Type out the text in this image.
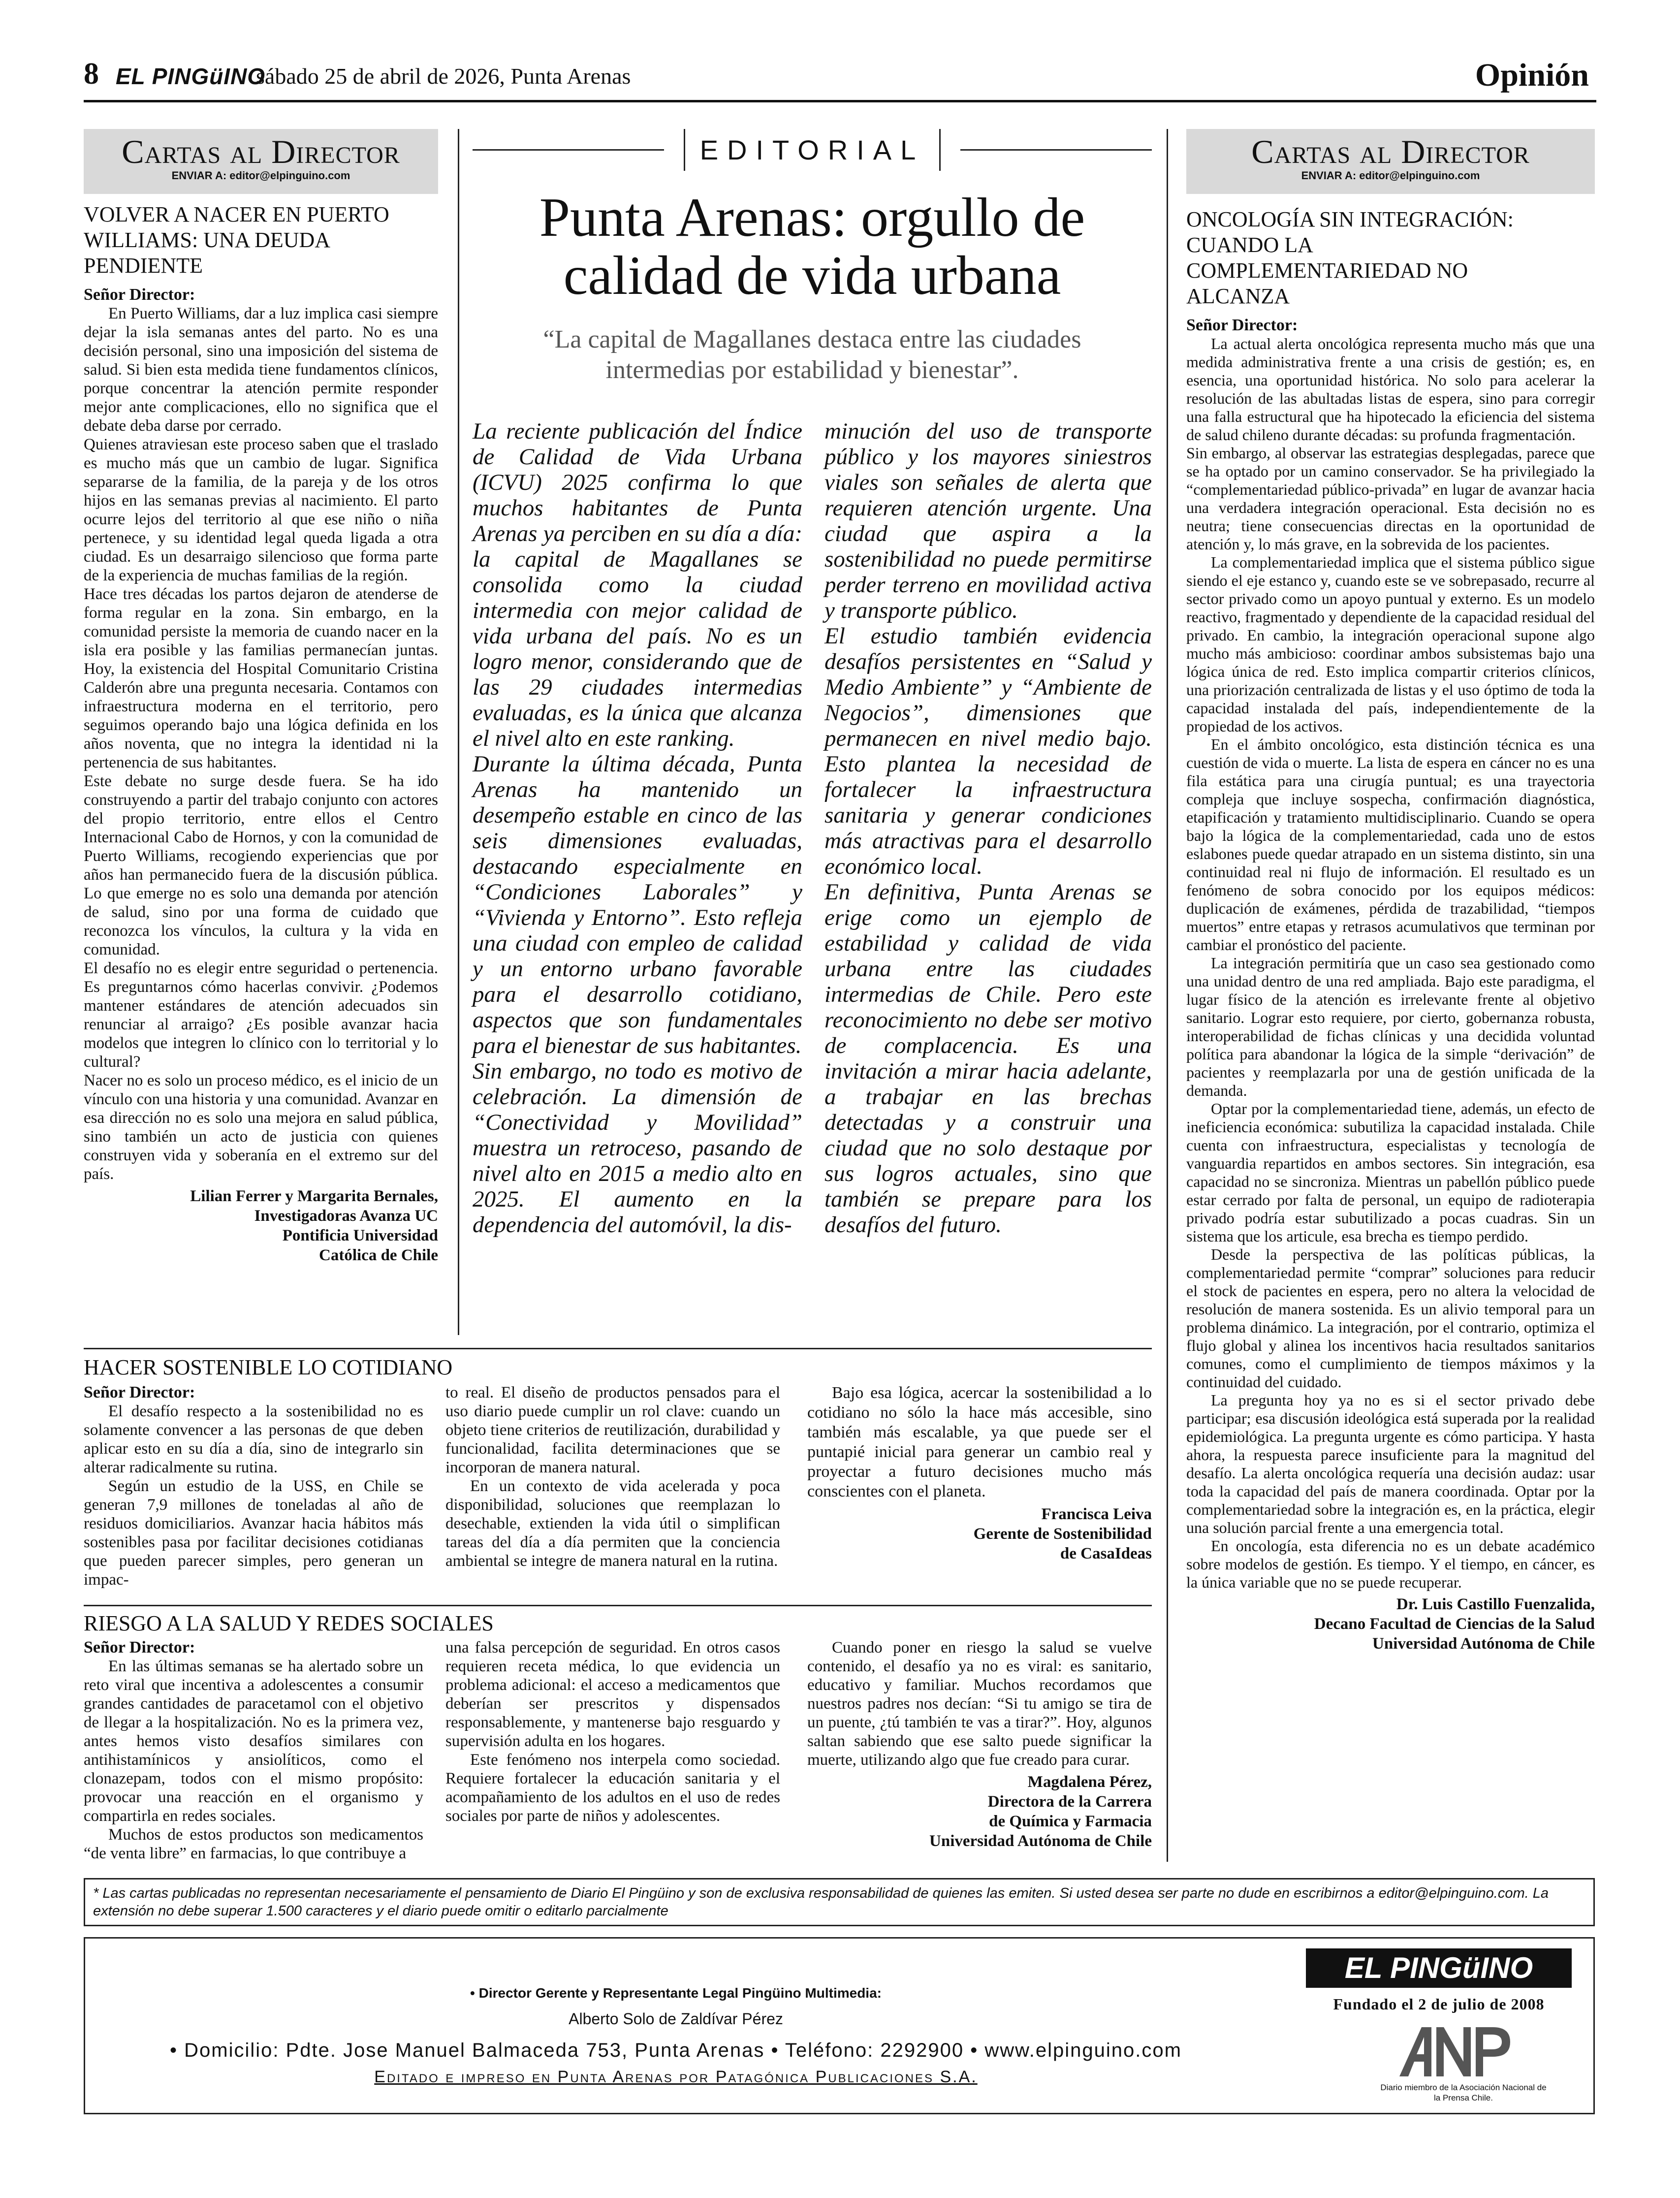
8 EL PINGüINO
sábado 25 de abril de 2026, Punta Arenas	Opinión
Cartas al Director
ENVIAR A: editor@elpinguino.com
VOLVER A NACER EN PUERTO WILLIAMS: UNA DEUDA PENDIENTE
Señor Director:

En Puerto Williams, dar a luz implica casi siempre dejar la isla semanas antes del parto. No es una decisión personal, sino una imposición del sistema de salud. Si bien esta medida tiene fundamentos clínicos, porque concentrar la atención permite responder mejor ante complicaciones, ello no significa que el debate deba darse por cerrado.

Quienes atraviesan este proceso saben que el traslado es mucho más que un cambio de lugar. Significa separarse de la familia, de la pareja y de los otros hijos en las semanas previas al nacimiento. El parto ocurre lejos del territorio al que ese niño o niña pertenece, y su identidad legal queda ligada a otra ciudad. Es un desarraigo silencioso que forma parte de la experiencia de muchas familias de la región.

Hace tres décadas los partos dejaron de atenderse de forma regular en la zona. Sin embargo, en la comunidad persiste la memoria de cuando nacer en la isla era posible y las familias permanecían juntas. Hoy, la existencia del Hospital Comunitario Cristina Calderón abre una pregunta necesaria. Contamos con infraestructura moderna en el territorio, pero seguimos operando bajo una lógica definida en los años noventa, que no integra la identidad ni la pertenencia de sus habitantes.

Este debate no surge desde fuera. Se ha ido construyendo a partir del trabajo conjunto con actores del propio territorio, entre ellos el Centro Internacional Cabo de Hornos, y con la comunidad de Puerto Williams, recogiendo experiencias que por años han permanecido fuera de la discusión pública. Lo que emerge no es solo una demanda por atención de salud, sino por una forma de cuidado que reconozca los vínculos, la cultura y la vida en comunidad.

El desafío no es elegir entre seguridad o pertenencia. Es preguntarnos cómo hacerlas convivir. ¿Podemos mantener estándares de atención adecuados sin renunciar al arraigo? ¿Es posible avanzar hacia modelos que integren lo clínico con lo territorial y lo cultural?

Nacer no es solo un proceso médico, es el inicio de un vínculo con una historia y una comunidad. Avanzar en esa dirección no es solo una mejora en salud pública, sino también un acto de justicia con quienes construyen vida y soberanía en el extremo sur del país.

Lilian Ferrer y Margarita Bernales,
Investigadoras Avanza UC
Pontificia Universidad
Católica de Chile
EDITORIAL
Punta Arenas: orgullo de calidad de vida urbana
“La capital de Magallanes destaca entre las ciudades intermedias por estabilidad y bienestar”.

La reciente publicación del Índice de Calidad de Vida Urbana (ICVU) 2025 confirma lo que muchos habitantes de Punta Arenas ya perciben en su día a día: la capital de Magallanes se consolida como la ciudad intermedia con mejor calidad de vida urbana del país. No es un logro menor, considerando que de las 29 ciudades intermedias evaluadas, es la única que alcanza el nivel alto en este ranking.

Durante la última década, Punta Arenas ha mantenido un desempeño estable en cinco de las seis dimensiones evaluadas, destacando especialmente en “Condiciones Laborales” y “Vivienda y Entorno”. Esto refleja una ciudad con empleo de calidad y un entorno urbano favorable para el desarrollo cotidiano, aspectos que son fundamentales para el bienestar de sus habitantes.

Sin embargo, no todo es motivo de celebración. La dimensión de “Conectividad y Movilidad” muestra un retroceso, pasando de nivel alto en 2015 a medio alto en 2025. El aumento en la dependencia del automóvil, la dis-

minución del uso de transporte público y los mayores siniestros viales son señales de alerta que requieren atención urgente. Una ciudad que aspira a la sostenibilidad no puede permitirse perder terreno en movilidad activa y transporte público.

El estudio también evidencia desafíos persistentes en “Salud y Medio Ambiente” y “Ambiente de Negocios”, dimensiones que permanecen en nivel medio bajo. Esto plantea la necesidad de fortalecer la infraestructura sanitaria y generar condiciones más atractivas para el desarrollo económico local.

En definitiva, Punta Arenas se erige como un ejemplo de estabilidad y calidad de vida urbana entre las ciudades intermedias de Chile. Pero este reconocimiento no debe ser motivo de complacencia. Es una invitación a mirar hacia adelante, a trabajar en las brechas detectadas y a construir una ciudad que no solo destaque por sus logros actuales, sino que también se prepare para los desafíos del futuro.

HACER SOSTENIBLE LO COTIDIANO
Señor Director:

El desafío respecto a la sostenibilidad no es solamente convencer a las personas de que deben aplicar esto en su día a día, sino de integrarlo sin alterar radicalmente su rutina.

Según un estudio de la USS, en Chile se generan 7,9 millones de toneladas al año de residuos domiciliarios. Avanzar hacia hábitos más sostenibles pasa por facilitar decisiones cotidianas que pueden parecer simples, pero generan un impac-

to real. El diseño de productos pensados para el uso diario puede cumplir un rol clave: cuando un objeto tiene criterios de reutilización, durabilidad y funcionalidad, facilita determinaciones que se incorporan de manera natural.

En un contexto de vida acelerada y poca disponibilidad, soluciones que reemplazan lo desechable, extienden la vida útil o simplifican tareas del día a día permiten que la conciencia ambiental se integre de manera natural en la rutina.

Bajo esa lógica, acercar la sostenibilidad a lo cotidiano no sólo la hace más accesible, sino también más escalable, ya que puede ser el puntapié inicial para generar un cambio real y proyectar a futuro decisiones mucho más conscientes con el planeta.

Francisca Leiva
Gerente de Sostenibilidad
de CasaIdeas
RIESGO A LA SALUD Y REDES SOCIALES
Señor Director:

En las últimas semanas se ha alertado sobre un reto viral que incentiva a adolescentes a consumir grandes cantidades de paracetamol con el objetivo de llegar a la hospitalización. No es la primera vez, antes hemos visto desafíos similares con antihistamínicos y ansiolíticos, como el clonazepam, todos con el mismo propósito: provocar una reacción en el organismo y compartirla en redes sociales.

Muchos de estos productos son medicamentos “de venta libre” en farmacias, lo que contribuye a

una falsa percepción de seguridad. En otros casos requieren receta médica, lo que evidencia un problema adicional: el acceso a medicamentos que deberían ser prescritos y dispensados responsablemente, y mantenerse bajo resguardo y supervisión adulta en los hogares.

Este fenómeno nos interpela como sociedad. Requiere fortalecer la educación sanitaria y el acompañamiento de los adultos en el uso de redes sociales por parte de niños y adolescentes.

Cuando poner en riesgo la salud se vuelve contenido, el desafío ya no es viral: es sanitario, educativo y familiar. Muchos recordamos que nuestros padres nos decían: “Si tu amigo se tira de un puente, ¿tú también te vas a tirar?”. Hoy, algunos saltan sabiendo que ese salto puede significar la muerte, utilizando algo que fue creado para curar.

Magdalena Pérez,
Directora de la Carrera
de Química y Farmacia
Universidad Autónoma de Chile
Cartas al Director
ENVIAR A: editor@elpinguino.com
ONCOLOGÍA SIN INTEGRACIÓN: CUANDO LA COMPLEMENTARIEDAD NO ALCANZA
Señor Director:

La actual alerta oncológica representa mucho más que una medida administrativa frente a una crisis de gestión; es, en esencia, una oportunidad histórica. No solo para acelerar la resolución de las abultadas listas de espera, sino para corregir una falla estructural que ha hipotecado la eficiencia del sistema de salud chileno durante décadas: su profunda fragmentación.

Sin embargo, al observar las estrategias desplegadas, parece que se ha optado por un camino conservador. Se ha privilegiado la “complementariedad público-privada” en lugar de avanzar hacia una verdadera integración operacional. Esta decisión no es neutra; tiene consecuencias directas en la oportunidad de atención y, lo más grave, en la sobrevida de los pacientes.

La complementariedad implica que el sistema público sigue siendo el eje estanco y, cuando este se ve sobrepasado, recurre al sector privado como un apoyo puntual y externo. Es un modelo reactivo, fragmentado y dependiente de la capacidad residual del privado. En cambio, la integración operacional supone algo mucho más ambicioso: coordinar ambos subsistemas bajo una lógica única de red. Esto implica compartir criterios clínicos, una priorización centralizada de listas y el uso óptimo de toda la capacidad instalada del país, independientemente de la propiedad de los activos.

En el ámbito oncológico, esta distinción técnica es una cuestión de vida o muerte. La lista de espera en cáncer no es una fila estática para una cirugía puntual; es una trayectoria compleja que incluye sospecha, confirmación diagnóstica, etapificación y tratamiento multidisciplinario. Cuando se opera bajo la lógica de la complementariedad, cada uno de estos eslabones puede quedar atrapado en un sistema distinto, sin una continuidad real ni flujo de información. El resultado es un fenómeno de sobra conocido por los equipos médicos: duplicación de exámenes, pérdida de trazabilidad, “tiempos muertos” entre etapas y retrasos acumulativos que terminan por cambiar el pronóstico del paciente.

La integración permitiría que un caso sea gestionado como una unidad dentro de una red ampliada. Bajo este paradigma, el lugar físico de la atención es irrelevante frente al objetivo sanitario. Lograr esto requiere, por cierto, gobernanza robusta, interoperabilidad de fichas clínicas y una decidida voluntad política para abandonar la lógica de la simple “derivación” de pacientes y reemplazarla por una de gestión unificada de la demanda.

Optar por la complementariedad tiene, además, un efecto de ineficiencia económica: subutiliza la capacidad instalada. Chile cuenta con infraestructura, especialistas y tecnología de vanguardia repartidos en ambos sectores. Sin integración, esa capacidad no se sincroniza. Mientras un pabellón público puede estar cerrado por falta de personal, un equipo de radioterapia privado podría estar subutilizado a pocas cuadras. Sin un sistema que los articule, esa brecha es tiempo perdido.

Desde la perspectiva de las políticas públicas, la complementariedad permite “comprar” soluciones para reducir el stock de pacientes en espera, pero no altera la velocidad de resolución de manera sostenida. Es un alivio temporal para un problema dinámico. La integración, por el contrario, optimiza el flujo global y alinea los incentivos hacia resultados sanitarios comunes, como el cumplimiento de tiempos máximos y la continuidad del cuidado.

La pregunta hoy ya no es si el sector privado debe participar; esa discusión ideológica está superada por la realidad epidemiológica. La pregunta urgente es cómo participa. Y hasta ahora, la respuesta parece insuficiente para la magnitud del desafío. La alerta oncológica requería una decisión audaz: usar toda la capacidad del país de manera coordinada. Optar por la complementariedad sobre la integración es, en la práctica, elegir una solución parcial frente a una emergencia total.

En oncología, esta diferencia no es un debate académico sobre modelos de gestión. Es tiempo. Y el tiempo, en cáncer, es la única variable que no se puede recuperar.

Dr. Luis Castillo Fuenzalida,
Decano Facultad de Ciencias de la Salud
Universidad Autónoma de Chile
* Las cartas publicadas no representan necesariamente el pensamiento de Diario El Pingüino y son de exclusiva responsabilidad de quienes las emiten. Si usted desea ser parte no dude en escribirnos a editor@elpinguino.com. La extensión no debe superar 1.500 caracteres y el diario puede omitir o editarlo parcialmente
• Director Gerente y Representante Legal Pingüino Multimedia:
Alberto Solo de Zaldívar Pérez
• Domicilio: Pdte. Jose Manuel Balmaceda 753, Punta Arenas • Teléfono: 2292900 • www.elpinguino.com
Editado e impreso en Punta Arenas por Patagónica Publicaciones S.A.
EL PINGüINO
Fundado el 2 de julio de 2008
Diario miembro de la Asociación Nacional de la Prensa Chile.
